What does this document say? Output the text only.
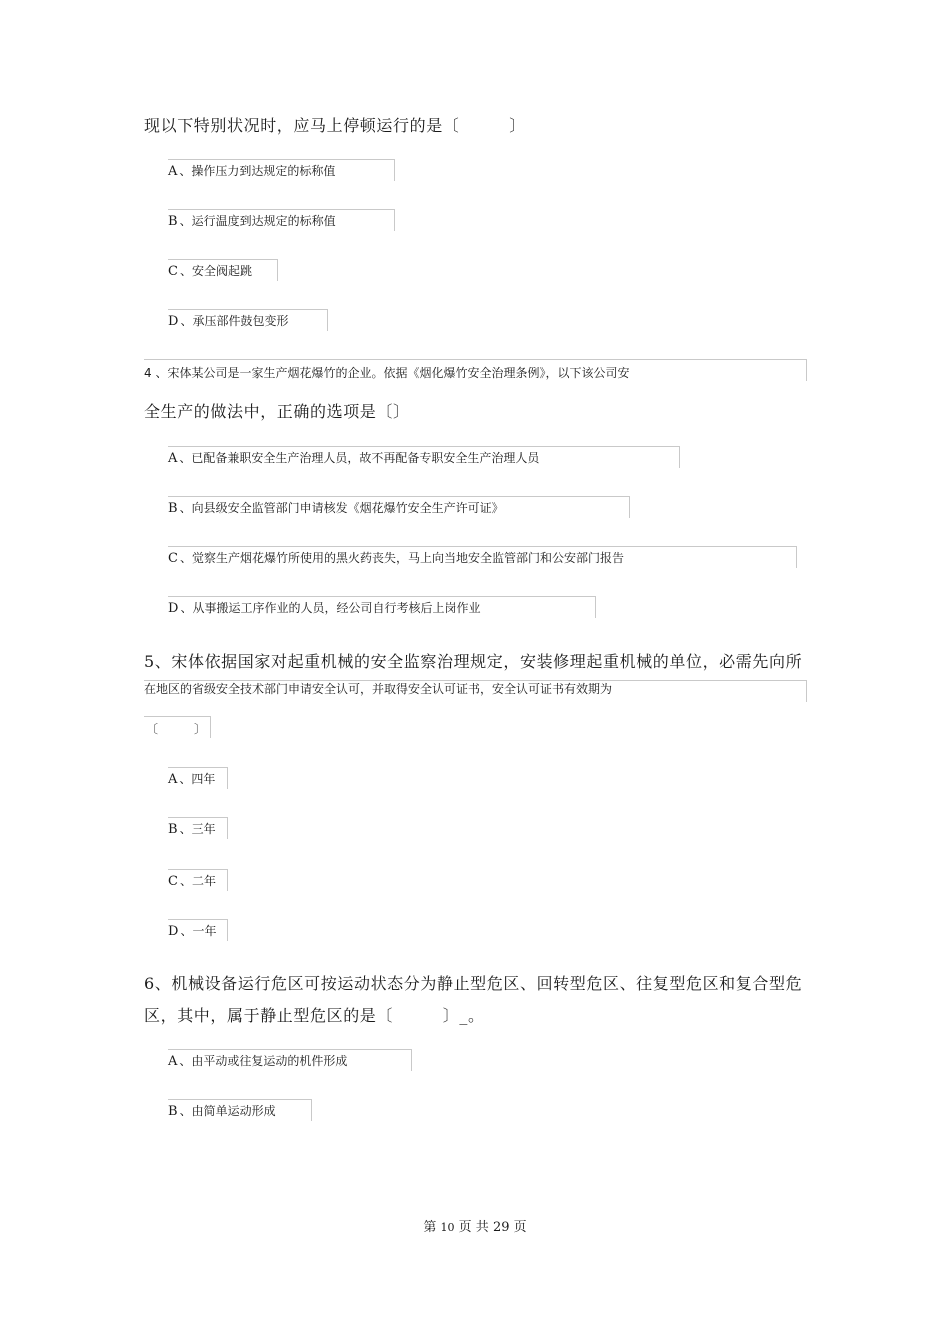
现以下特别状况时，应马上停顿运行的是〔　　　〕
A 、操作压力到达规定的标称值
B 、运行温度到达规定的标称值
C 、安全阀起跳
D 、承压部件鼓包变形
4 、宋体某公司是一家生产烟花爆竹的企业。依据《烟化爆竹安全治理条例》，以下该公司安
全生产的做法中，正确的选项是〔〕
A 、已配备兼职安全生产治理人员，故不再配备专职安全生产治理人员
B 、向县级安全监管部门申请核发《烟花爆竹安全生产许可证》
C 、觉察生产烟花爆竹所使用的黑火药丧失，马上向当地安全监管部门和公安部门报告
D 、从事搬运工序作业的人员，经公司自行考核后上岗作业
5、宋体依据国家对起重机械的安全监察治理规定，安装修理起重机械的单位，必需先向所
在地区的省级安全技术部门申请安全认可，并取得安全认可证书，安全认可证书有效期为
〔　　　〕
A 、四年
B 、三年
C 、二年
D 、一年
6、机械设备运行危区可按运动状态分为静止型危区、回转型危区、往复型危区和复合型危
区，其中，属于静止型危区的是〔　　　〕_。
A 、由平动或往复运动的机件形成
B 、由简单运动形成
第 10 页 共 29 页
